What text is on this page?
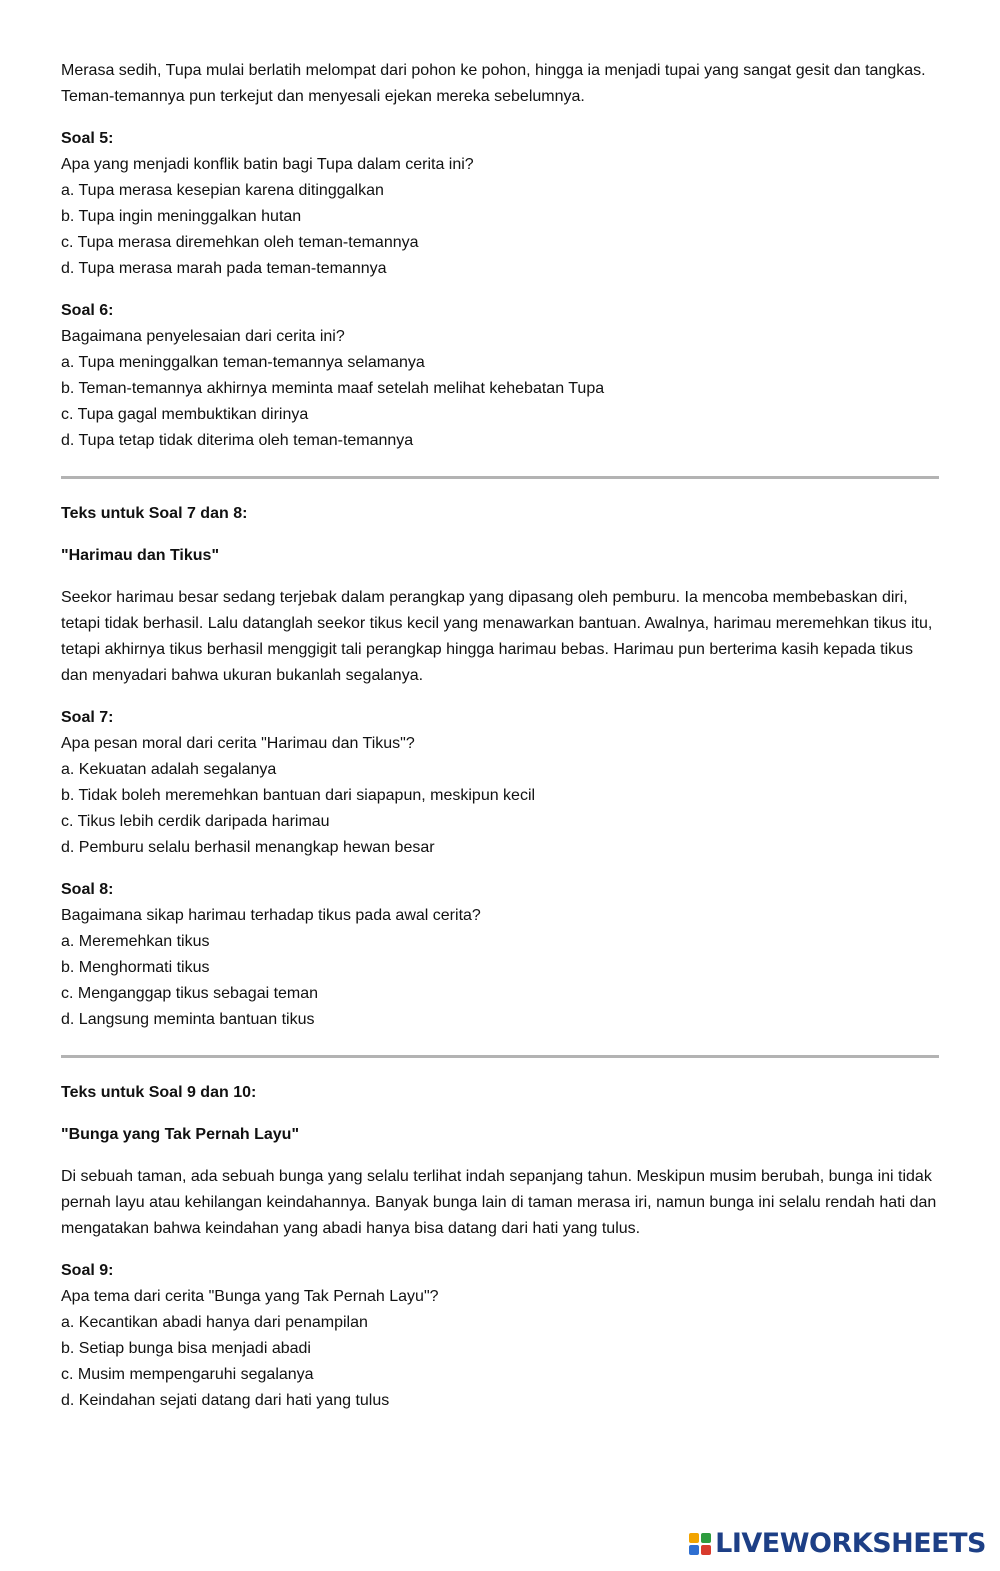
Merasa sedih, Tupa mulai berlatih melompat dari pohon ke pohon, hingga ia menjadi tupai yang sangat gesit dan tangkas. Teman-temannya pun terkejut dan menyesali ejekan mereka sebelumnya.

Soal 5:

Apa yang menjadi konflik batin bagi Tupa dalam cerita ini?

a. Tupa merasa kesepian karena ditinggalkan

b. Tupa ingin meninggalkan hutan

c. Tupa merasa diremehkan oleh teman-temannya

d. Tupa merasa marah pada teman-temannya

Soal 6:

Bagaimana penyelesaian dari cerita ini?

a. Tupa meninggalkan teman-temannya selamanya

b. Teman-temannya akhirnya meminta maaf setelah melihat kehebatan Tupa

c. Tupa gagal membuktikan dirinya

d. Tupa tetap tidak diterima oleh teman-temannya

Teks untuk Soal 7 dan 8:

"Harimau dan Tikus"

Seekor harimau besar sedang terjebak dalam perangkap yang dipasang oleh pemburu. Ia mencoba membebaskan diri, tetapi tidak berhasil. Lalu datanglah seekor tikus kecil yang menawarkan bantuan. Awalnya, harimau meremehkan tikus itu, tetapi akhirnya tikus berhasil menggigit tali perangkap hingga harimau bebas. Harimau pun berterima kasih kepada tikus dan menyadari bahwa ukuran bukanlah segalanya.

Soal 7:

Apa pesan moral dari cerita "Harimau dan Tikus"?

a. Kekuatan adalah segalanya

b. Tidak boleh meremehkan bantuan dari siapapun, meskipun kecil

c. Tikus lebih cerdik daripada harimau

d. Pemburu selalu berhasil menangkap hewan besar

Soal 8:

Bagaimana sikap harimau terhadap tikus pada awal cerita?

a. Meremehkan tikus

b. Menghormati tikus

c. Menganggap tikus sebagai teman

d. Langsung meminta bantuan tikus

Teks untuk Soal 9 dan 10:

"Bunga yang Tak Pernah Layu"

Di sebuah taman, ada sebuah bunga yang selalu terlihat indah sepanjang tahun. Meskipun musim berubah, bunga ini tidak pernah layu atau kehilangan keindahannya. Banyak bunga lain di taman merasa iri, namun bunga ini selalu rendah hati dan mengatakan bahwa keindahan yang abadi hanya bisa datang dari hati yang tulus.

Soal 9:

Apa tema dari cerita "Bunga yang Tak Pernah Layu"?

a. Kecantikan abadi hanya dari penampilan

b. Setiap bunga bisa menjadi abadi

c. Musim mempengaruhi segalanya

d. Keindahan sejati datang dari hati yang tulus

LIVEWORKSHEETS
